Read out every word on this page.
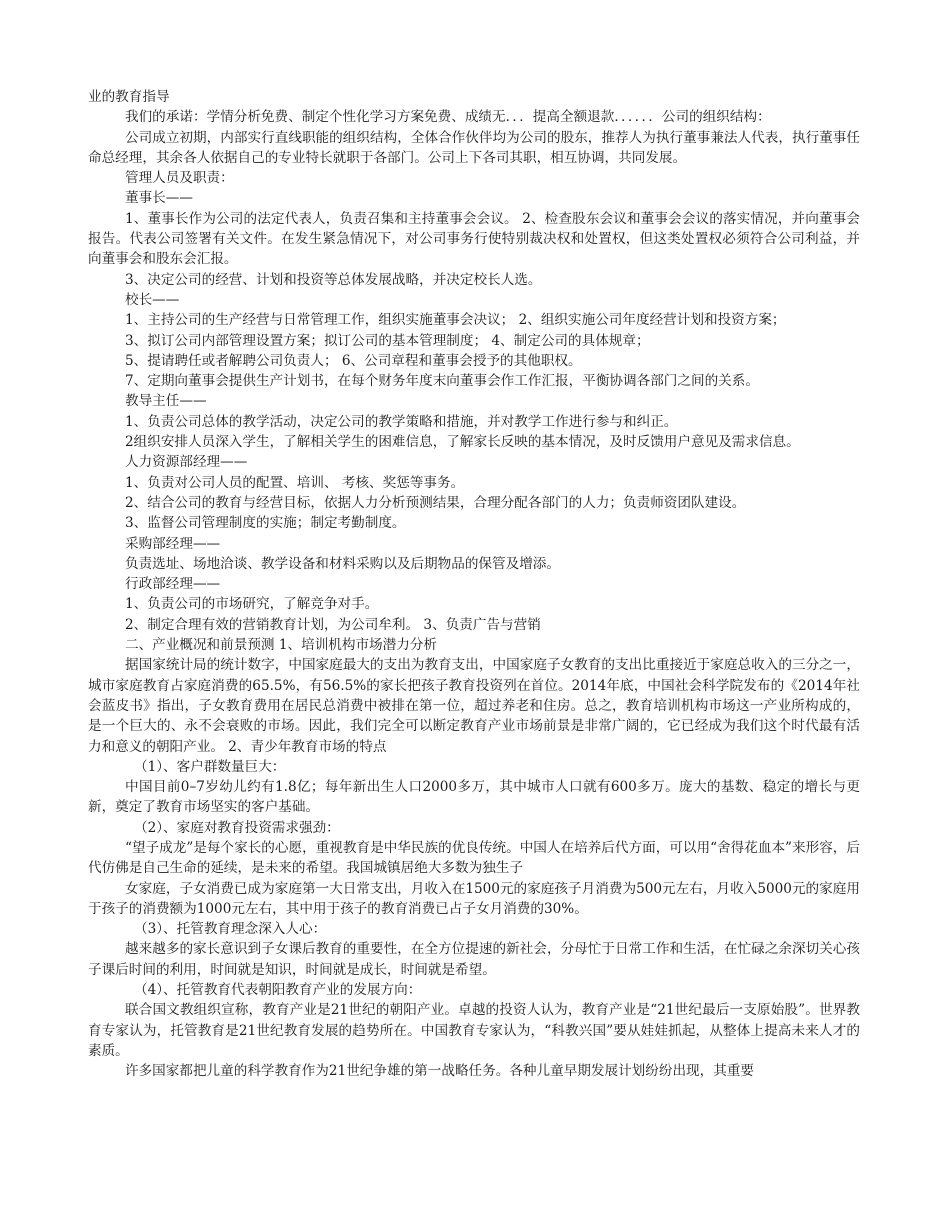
业的教育指导

我们的承诺：学情分析免费、制定个性化学习方案免费、成绩无．．．提高全额退款．．．．．．公司的组织结构：

公司成立初期，内部实行直线职能的组织结构，全体合作伙伴均为公司的股东，推荐人为执行董事兼法人代表，执行董事任命总经理，其余各人依据自己的专业特长就职于各部门。公司上下各司其职，相互协调，共同发展。

管理人员及职责：

董事长——

1、董事长作为公司的法定代表人，负责召集和主持董事会会议。 2、检查股东会议和董事会会议的落实情况，并向董事会报告。代表公司签署有关文件。在发生紧急情况下，对公司事务行使特别裁决权和处置权，但这类处置权必须符合公司利益，并向董事会和股东会汇报。

3、决定公司的经营、计划和投资等总体发展战略，并决定校长人选。

校长——

1、主持公司的生产经营与日常管理工作，组织实施董事会决议； 2、组织实施公司年度经营计划和投资方案；

3、拟订公司内部管理设置方案；拟订公司的基本管理制度； 4、制定公司的具体规章；

5、提请聘任或者解聘公司负责人； 6、公司章程和董事会授予的其他职权。

7、定期向董事会提供生产计划书，在每个财务年度末向董事会作工作汇报，平衡协调各部门之间的关系。

教导主任——

1、负责公司总体的教学活动，决定公司的教学策略和措施，并对教学工作进行参与和纠正。

2组织安排人员深入学生，了解相关学生的困难信息，了解家长反映的基本情况，及时反馈用户意见及需求信息。

人力资源部经理——

1、负责对公司人员的配置、培训、 考核、奖惩等事务。

2、结合公司的教育与经营目标，依据人力分析预测结果，合理分配各部门的人力；负责师资团队建设。

3、监督公司管理制度的实施；制定考勤制度。

采购部经理——

负责选址、场地洽谈、教学设备和材料采购以及后期物品的保管及增添。

行政部经理——

1、负责公司的市场研究，了解竞争对手。

2、制定合理有效的营销教育计划，为公司牟利。 3、负责广告与营销

二、产业概况和前景预测 1、培训机构市场潜力分析

据国家统计局的统计数字，中国家庭最大的支出为教育支出，中国家庭子女教育的支出比重接近于家庭总收入的三分之一，城市家庭教育占家庭消费的65.5%，有56.5%的家长把孩子教育投资列在首位。2014年底，中国社会科学院发布的《2014年社会蓝皮书》指出，子女教育费用在居民总消费中被排在第一位，超过养老和住房。总之，教育培训机构市场这一产业所构成的，是一个巨大的、永不会衰败的市场。因此，我们完全可以断定教育产业市场前景是非常广阔的，它已经成为我们这个时代最有活力和意义的朝阳产业。 2、青少年教育市场的特点

（1）、客户群数量巨大：

中国目前0–7岁幼儿约有1.8亿；每年新出生人口2000多万，其中城市人口就有600多万。庞大的基数、稳定的增长与更新，奠定了教育市场坚实的客户基础。

（2）、家庭对教育投资需求强劲：

“望子成龙”是每个家长的心愿，重视教育是中华民族的优良传统。中国人在培养后代方面，可以用“舍得花血本”来形容，后代仿佛是自己生命的延续，是未来的希望。我国城镇居绝大多数为独生子

女家庭，子女消费已成为家庭第一大日常支出，月收入在1500元的家庭孩子月消费为500元左右，月收入5000元的家庭用于孩子的消费额为1000元左右，其中用于孩子的教育消费已占子女月消费的30%。

（3）、托管教育理念深入人心：

越来越多的家长意识到子女课后教育的重要性，在全方位提速的新社会，分母忙于日常工作和生活，在忙碌之余深切关心孩子课后时间的利用，时间就是知识，时间就是成长，时间就是希望。

（4）、托管教育代表朝阳教育产业的发展方向：

联合国文教组织宣称，教育产业是21世纪的朝阳产业。卓越的投资人认为，教育产业是“21世纪最后一支原始股”。世界教育专家认为，托管教育是21世纪教育发展的趋势所在。中国教育专家认为，“科教兴国”要从娃娃抓起，从整体上提高未来人才的素质。

许多国家都把儿童的科学教育作为21世纪争雄的第一战略任务。各种儿童早期发展计划纷纷出现，其重要
